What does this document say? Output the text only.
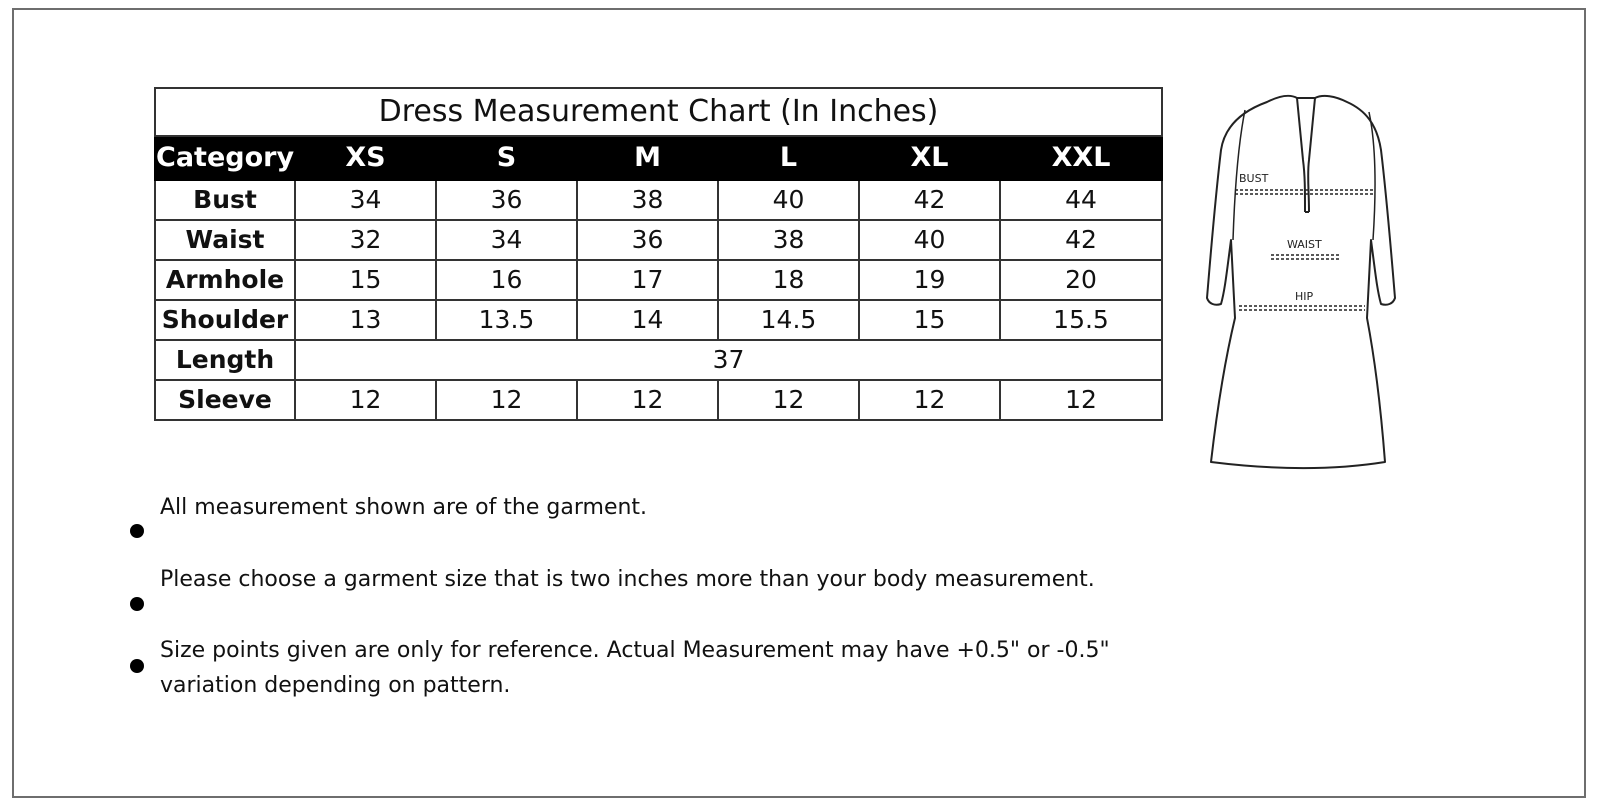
Dress Measurement Chart (In Inches)						
Category	XS	S	M	L	XL	XXL
Bust	34	36	38	40	42	44
Waist	32	34	36	38	40	42
Armhole	15	16	17	18	19	20
Shoulder	13	13.5	14	14.5	15	15.5
Length	37					
Sleeve	12	12	12	12	12	12
BUST
WAIST
HIP
All measurement shown are of the garment.
Please choose a garment size that is two inches more than your body measurement.
Size points given are only for reference. Actual Measurement may have +0.5" or -0.5" variation depending on pattern.
